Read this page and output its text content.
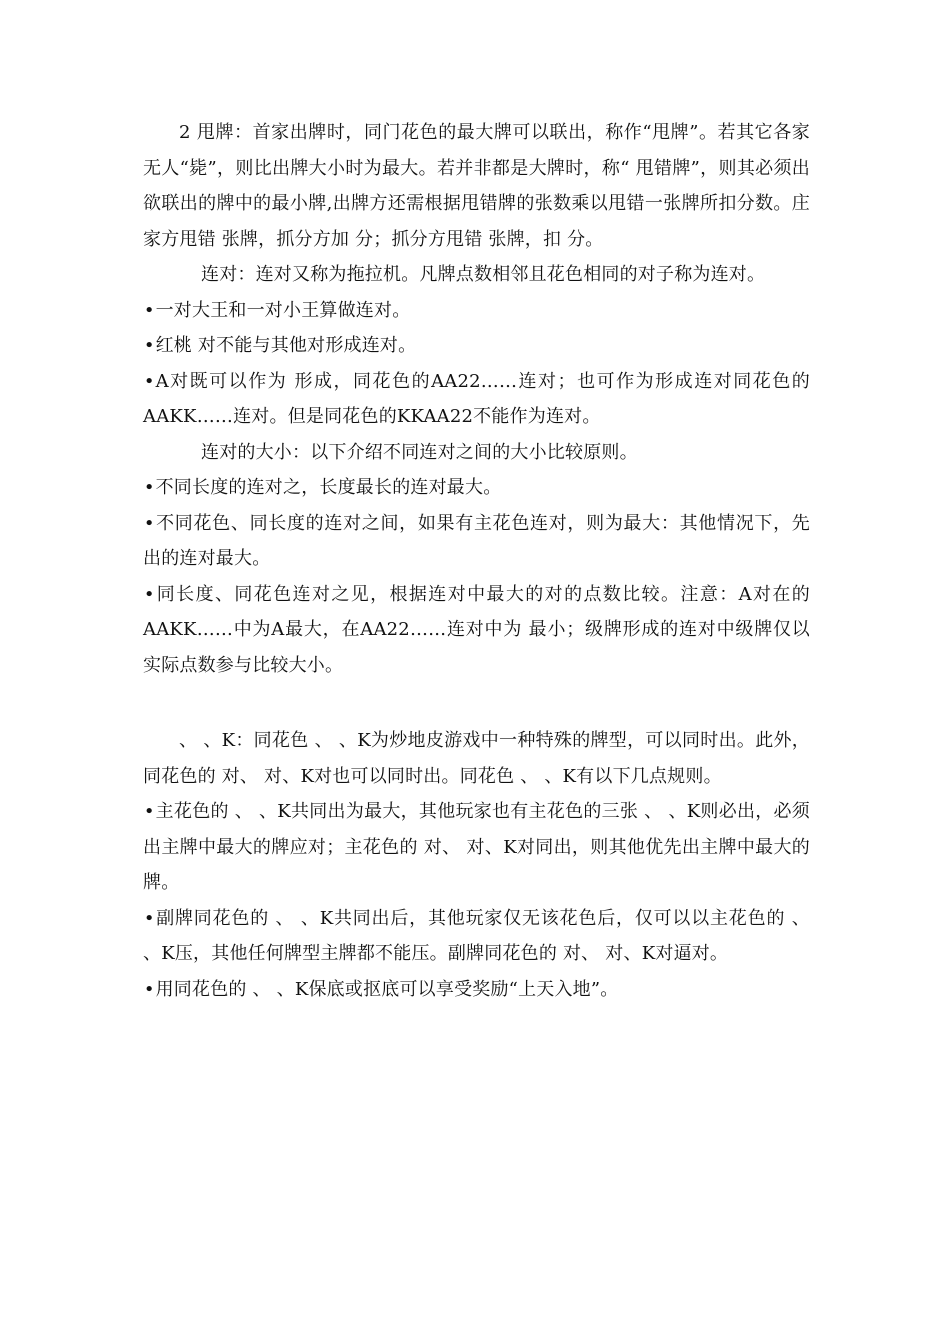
2 甩牌：首家出牌时，同门花色的最大牌可以联出，称作“甩牌”。若其它各家无人“毙”，则比出牌大小时为最大。若并非都是大牌时，称“ 甩错牌”，则其必须出欲联出的牌中的最小牌,出牌方还需根据甩错牌的张数乘以甩错一张牌所扣分数。庄家方甩错 张牌，抓分方加 分；抓分方甩错 张牌，扣 分。

连对：连对又称为拖拉机。凡牌点数相邻且花色相同的对子称为连对。

•一对大王和一对小王算做连对。

•红桃 对不能与其他对形成连对。

•A对既可以作为 形成，同花色的AA22……连对；也可作为形成连对同花色的AAKK……连对。但是同花色的KKAA22不能作为连对。

连对的大小：以下介绍不同连对之间的大小比较原则。

•不同长度的连对之，长度最长的连对最大。

•不同花色、同长度的连对之间，如果有主花色连对，则为最大：其他情况下，先出的连对最大。

•同长度、同花色连对之见，根据连对中最大的对的点数比较。注意：A对在的AAKK……中为A最大，在AA22……连对中为 最小；级牌形成的连对中级牌仅以实际点数参与比较大小。

、 、K：同花色 、 、K为炒地皮游戏中一种特殊的牌型，可以同时出。此外，同花色的 对、 对、K对也可以同时出。同花色 、 、K有以下几点规则。

•主花色的 、 、K共同出为最大，其他玩家也有主花色的三张 、 、K则必出，必须出主牌中最大的牌应对；主花色的 对、 对、K对同出，则其他优先出主牌中最大的牌。

•副牌同花色的 、 、K共同出后，其他玩家仅无该花色后，仅可以以主花色的 、 、K压，其他任何牌型主牌都不能压。副牌同花色的 对、 对、K对逼对。

•用同花色的 、 、K保底或抠底可以享受奖励“上天入地”。
